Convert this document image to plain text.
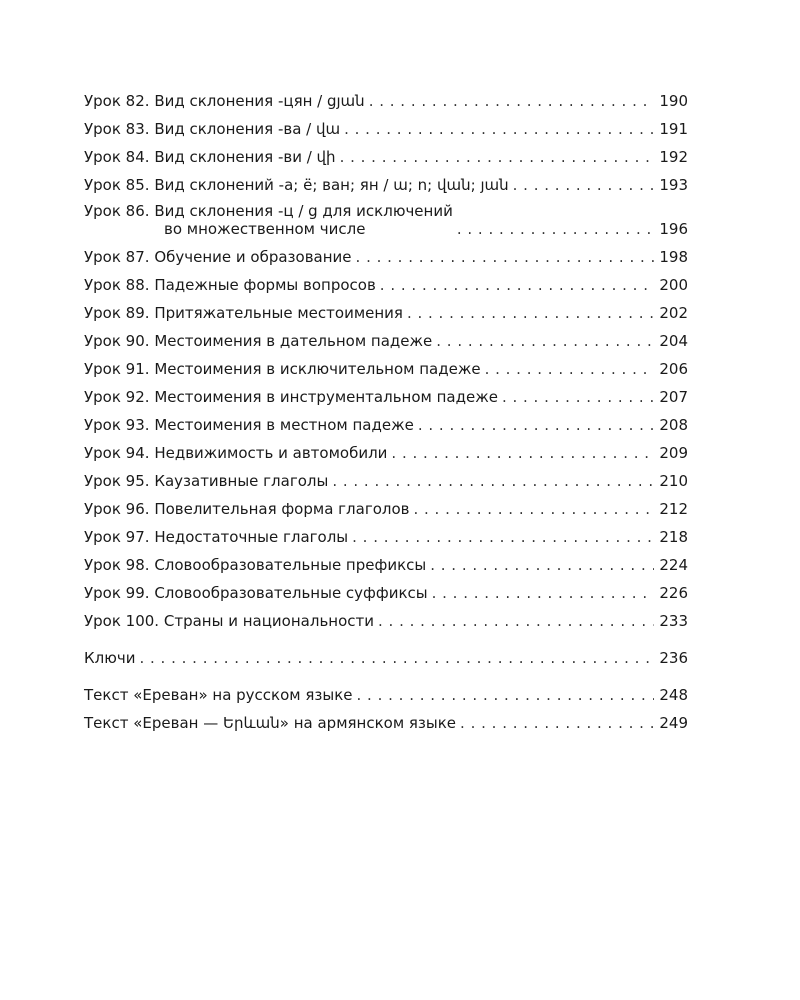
Урок 82. Вид склонения -цян / ցյան . . .	190
Урок 83. Вид склонения -ва / վա . . .	191
Урок 84. Вид склонения -ви / վի . . .	192
Урок 85. Вид склонений -а; ё; ван; ян / ա; ո; վան; յան . . .	193
Урок 86. Вид склонения -ц / ց для исключений
во множественном числе . . .	196
Урок 87. Обучение и образование . . .	198
Урок 88. Падежные формы вопросов . . .	200
Урок 89. Притяжательные местоимения . . .	202
Урок 90. Местоимения в дательном падеже . . .	204
Урок 91. Местоимения в исключительном падеже . . .	206
Урок 92. Местоимения в инструментальном падеже . . .	207
Урок 93. Местоимения в местном падеже . . .	208
Урок 94. Недвижимость и автомобили . . .	209
Урок 95. Каузативные глаголы . . .	210
Урок 96. Повелительная форма глаголов . . .	212
Урок 97. Недостаточные глаголы . . .	218
Урок 98. Словообразовательные префиксы . . .	224
Урок 99. Словообразовательные суффиксы . . .	226
Урок 100. Страны и национальности . . .	233
Ключи . . .	236
Текст «Ереван» на русском языке . . .	248
Текст «Ереван — Երևան» на армянском языке . . .	249
